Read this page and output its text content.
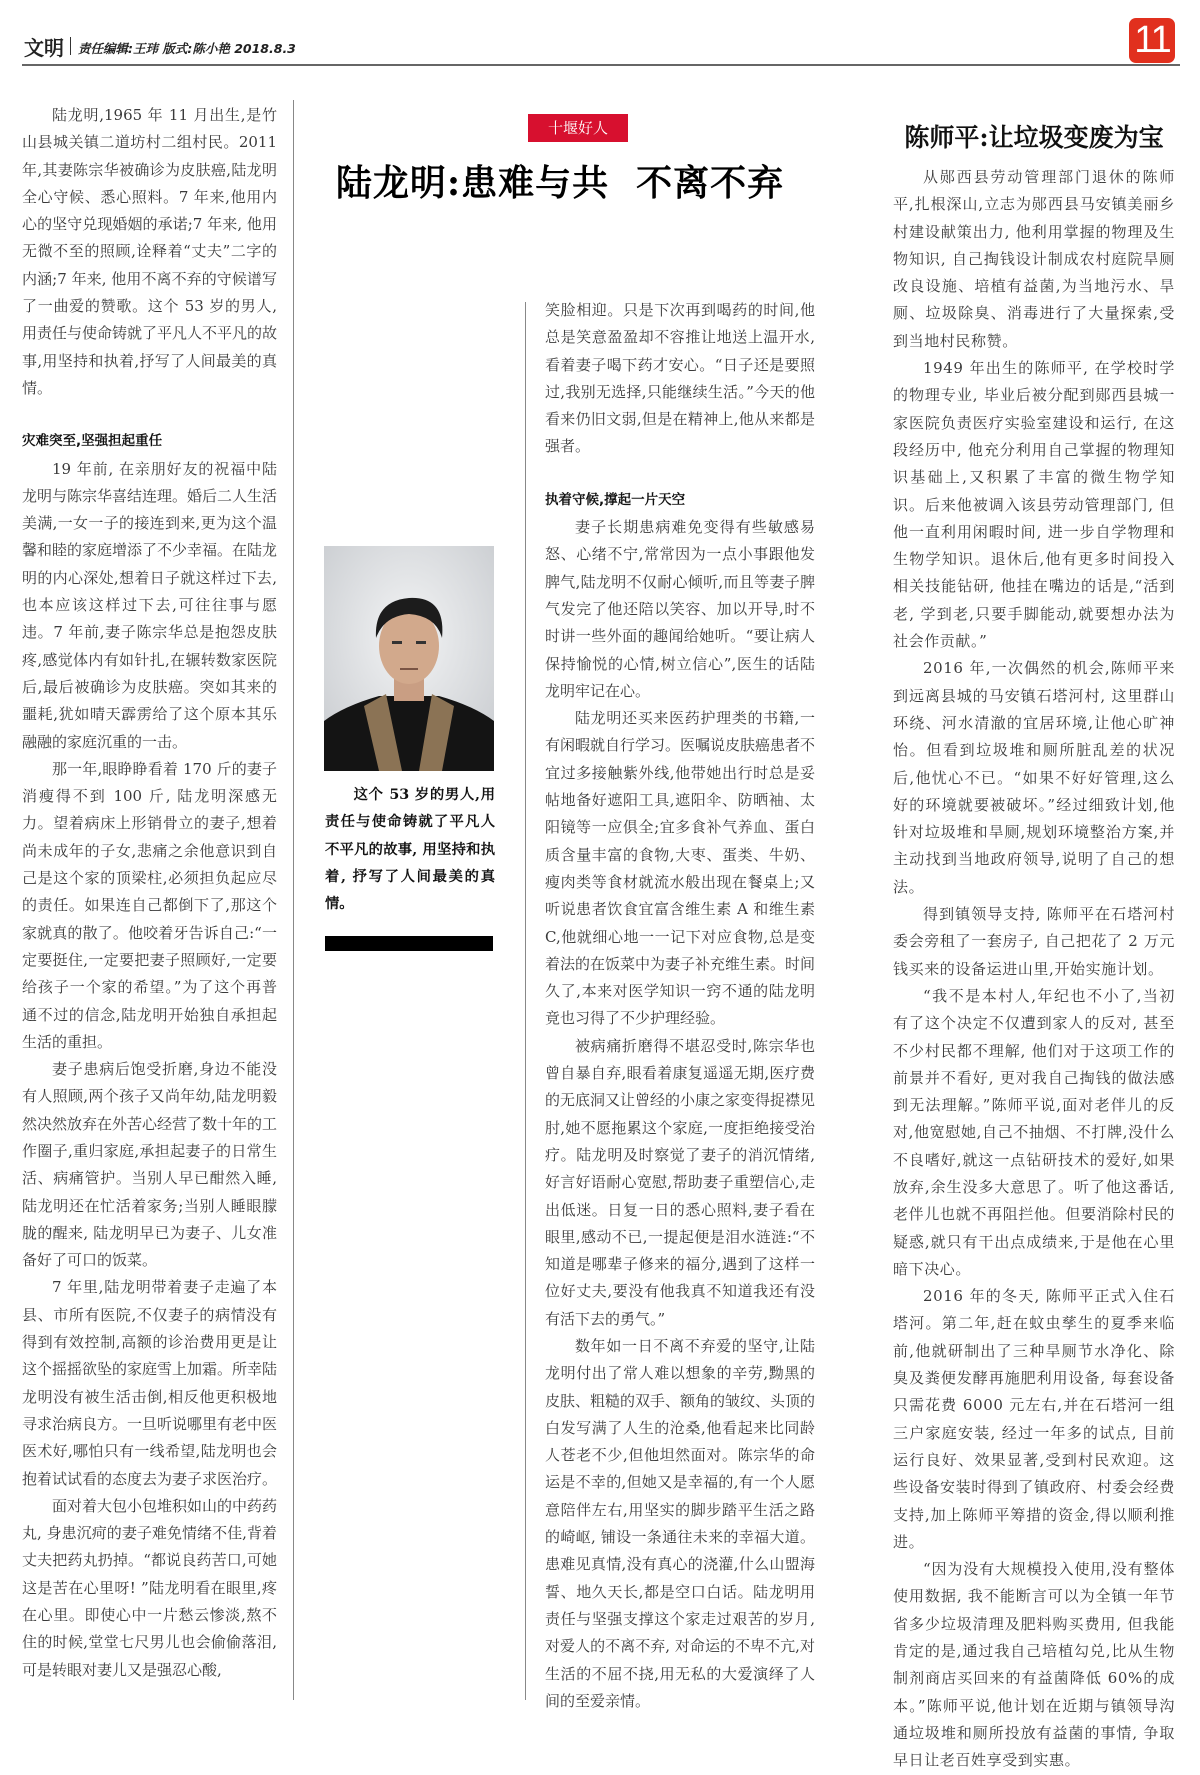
文明 责任编辑:王玮 版式:陈小艳 2018.8.3	11

陆龙明,1965 年 11 月出生,是竹山县城关镇二道坊村二组村民。2011 年,其妻陈宗华被确诊为皮肤癌,陆龙明全心守候、悉心照料。7 年来,他用内心的坚守兑现婚姻的承诺;7 年来, 他用无微不至的照顾,诠释着“丈夫”二字的内涵;7 年来, 他用不离不弃的守候谱写了一曲爱的赞歌。这个 53 岁的男人,用责任与使命铸就了平凡人不平凡的故事,用坚持和执着,抒写了人间最美的真情。

灾难突至,坚强担起重任

19 年前, 在亲朋好友的祝福中陆龙明与陈宗华喜结连理。婚后二人生活美满,一女一子的接连到来,更为这个温馨和睦的家庭增添了不少幸福。在陆龙明的内心深处,想着日子就这样过下去,也本应该这样过下去,可往往事与愿违。7 年前,妻子陈宗华总是抱怨皮肤疼,感觉体内有如针扎,在辗转数家医院后,最后被确诊为皮肤癌。突如其来的噩耗,犹如晴天霹雳给了这个原本其乐融融的家庭沉重的一击。

那一年,眼睁睁看着 170 斤的妻子消瘦得不到 100 斤, 陆龙明深感无力。望着病床上形销骨立的妻子,想着尚未成年的子女,悲痛之余他意识到自己是这个家的顶梁柱,必须担负起应尽的责任。如果连自己都倒下了,那这个家就真的散了。他咬着牙告诉自己:“一定要挺住,一定要把妻子照顾好,一定要给孩子一个家的希望。”为了这个再普通不过的信念,陆龙明开始独自承担起生活的重担。

妻子患病后饱受折磨,身边不能没有人照顾,两个孩子又尚年幼,陆龙明毅然决然放弃在外苦心经营了数十年的工作圈子,重归家庭,承担起妻子的日常生活、病痛管护。当别人早已酣然入睡,陆龙明还在忙活着家务;当别人睡眼朦胧的醒来, 陆龙明早已为妻子、儿女准备好了可口的饭菜。

7 年里,陆龙明带着妻子走遍了本县、市所有医院,不仅妻子的病情没有得到有效控制,高额的诊治费用更是让这个摇摇欲坠的家庭雪上加霜。所幸陆龙明没有被生活击倒,相反他更积极地寻求治病良方。一旦听说哪里有老中医医术好,哪怕只有一线希望,陆龙明也会抱着试试看的态度去为妻子求医治疗。

面对着大包小包堆积如山的中药药丸, 身患沉疴的妻子难免情绪不佳,背着丈夫把药丸扔掉。“都说良药苦口,可她这是苦在心里呀! ”陆龙明看在眼里,疼在心里。即使心中一片愁云惨淡,熬不住的时候,堂堂七尺男儿也会偷偷落泪, 可是转眼对妻儿又是强忍心酸,

十堰好人
陆龙明:患难与共  不离不弃
这个 53 岁的男人,用责任与使命铸就了平凡人不平凡的故事, 用坚持和执着, 抒写了人间最美的真情。

笑脸相迎。只是下次再到喝药的时间,他总是笑意盈盈却不容推让地送上温开水,看着妻子喝下药才安心。“日子还是要照过,我别无选择,只能继续生活。”今天的他看来仍旧文弱,但是在精神上,他从来都是强者。

执着守候,撑起一片天空

妻子长期患病难免变得有些敏感易怒、心绪不宁,常常因为一点小事跟他发脾气,陆龙明不仅耐心倾听,而且等妻子脾气发完了他还陪以笑容、加以开导,时不时讲一些外面的趣闻给她听。“要让病人保持愉悦的心情,树立信心”,医生的话陆龙明牢记在心。

陆龙明还买来医药护理类的书籍,一有闲暇就自行学习。医嘱说皮肤癌患者不宜过多接触紫外线,他带她出行时总是妥帖地备好遮阳工具,遮阳伞、防晒袖、太阳镜等一应俱全;宜多食补气养血、蛋白质含量丰富的食物,大枣、蛋类、牛奶、瘦肉类等食材就流水般出现在餐桌上;又听说患者饮食宜富含维生素 A 和维生素 C,他就细心地一一记下对应食物,总是变着法的在饭菜中为妻子补充维生素。时间久了,本来对医学知识一窍不通的陆龙明竟也习得了不少护理经验。

被病痛折磨得不堪忍受时,陈宗华也曾自暴自弃,眼看着康复遥遥无期,医疗费的无底洞又让曾经的小康之家变得捉襟见肘,她不愿拖累这个家庭,一度拒绝接受治疗。陆龙明及时察觉了妻子的消沉情绪,好言好语耐心宽慰,帮助妻子重塑信心,走出低迷。日复一日的悉心照料,妻子看在眼里,感动不已,一提起便是泪水涟涟:“不知道是哪辈子修来的福分,遇到了这样一位好丈夫,要没有他我真不知道我还有没有活下去的勇气。”

数年如一日不离不弃爱的坚守,让陆龙明付出了常人难以想象的辛劳,黝黑的皮肤、粗糙的双手、额角的皱纹、头顶的白发写满了人生的沧桑,他看起来比同龄人苍老不少,但他坦然面对。陈宗华的命运是不幸的,但她又是幸福的,有一个人愿意陪伴左右,用坚实的脚步踏平生活之路的崎岖, 铺设一条通往未来的幸福大道。患难见真情,没有真心的浇灌,什么山盟海誓、地久天长,都是空口白话。陆龙明用责任与坚强支撑这个家走过艰苦的岁月,对爱人的不离不弃, 对命运的不卑不亢,对生活的不屈不挠,用无私的大爱演绎了人间的至爱亲情。

陈师平:让垃圾变废为宝

从郧西县劳动管理部门退休的陈师平,扎根深山,立志为郧西县马安镇美丽乡村建设献策出力, 他利用掌握的物理及生物知识, 自己掏钱设计制成农村庭院旱厕改良设施、培植有益菌,为当地污水、旱厕、垃圾除臭、消毒进行了大量探索,受到当地村民称赞。

1949 年出生的陈师平, 在学校时学的物理专业, 毕业后被分配到郧西县城一家医院负责医疗实验室建设和运行, 在这段经历中, 他充分利用自己掌握的物理知识基础上,又积累了丰富的微生物学知识。后来他被调入该县劳动管理部门, 但他一直利用闲暇时间, 进一步自学物理和生物学知识。退休后,他有更多时间投入相关技能钻研, 他挂在嘴边的话是,“活到老, 学到老,只要手脚能动,就要想办法为社会作贡献。”

2016 年,一次偶然的机会,陈师平来到远离县城的马安镇石塔河村, 这里群山环绕、河水清澈的宜居环境,让他心旷神怡。但看到垃圾堆和厕所脏乱差的状况后,他忧心不已。“如果不好好管理,这么好的环境就要被破坏。”经过细致计划,他针对垃圾堆和旱厕,规划环境整治方案,并主动找到当地政府领导,说明了自己的想法。

得到镇领导支持, 陈师平在石塔河村委会旁租了一套房子, 自己把花了 2 万元钱买来的设备运进山里,开始实施计划。

“我不是本村人,年纪也不小了,当初有了这个决定不仅遭到家人的反对, 甚至不少村民都不理解, 他们对于这项工作的前景并不看好, 更对我自己掏钱的做法感到无法理解。”陈师平说,面对老伴儿的反对,他宽慰她,自己不抽烟、不打牌,没什么不良嗜好,就这一点钻研技术的爱好,如果放弃,余生没多大意思了。听了他这番话,老伴儿也就不再阻拦他。但要消除村民的疑惑,就只有干出点成绩来,于是他在心里暗下决心。

2016 年的冬天, 陈师平正式入住石塔河。第二年,赶在蚊虫孳生的夏季来临前,他就研制出了三种旱厕节水净化、除臭及粪便发酵再施肥利用设备, 每套设备只需花费 6000 元左右,并在石塔河一组三户家庭安装, 经过一年多的试点, 目前运行良好、效果显著,受到村民欢迎。这些设备安装时得到了镇政府、村委会经费支持,加上陈师平筹措的资金,得以顺利推进。

“因为没有大规模投入使用,没有整体使用数据, 我不能断言可以为全镇一年节省多少垃圾清理及肥料购买费用, 但我能肯定的是,通过我自己培植勾兑,比从生物制剂商店买回来的有益菌降低 60%的成本。”陈师平说,他计划在近期与镇领导沟通垃圾堆和厕所投放有益菌的事情, 争取早日让老百姓享受到实惠。
